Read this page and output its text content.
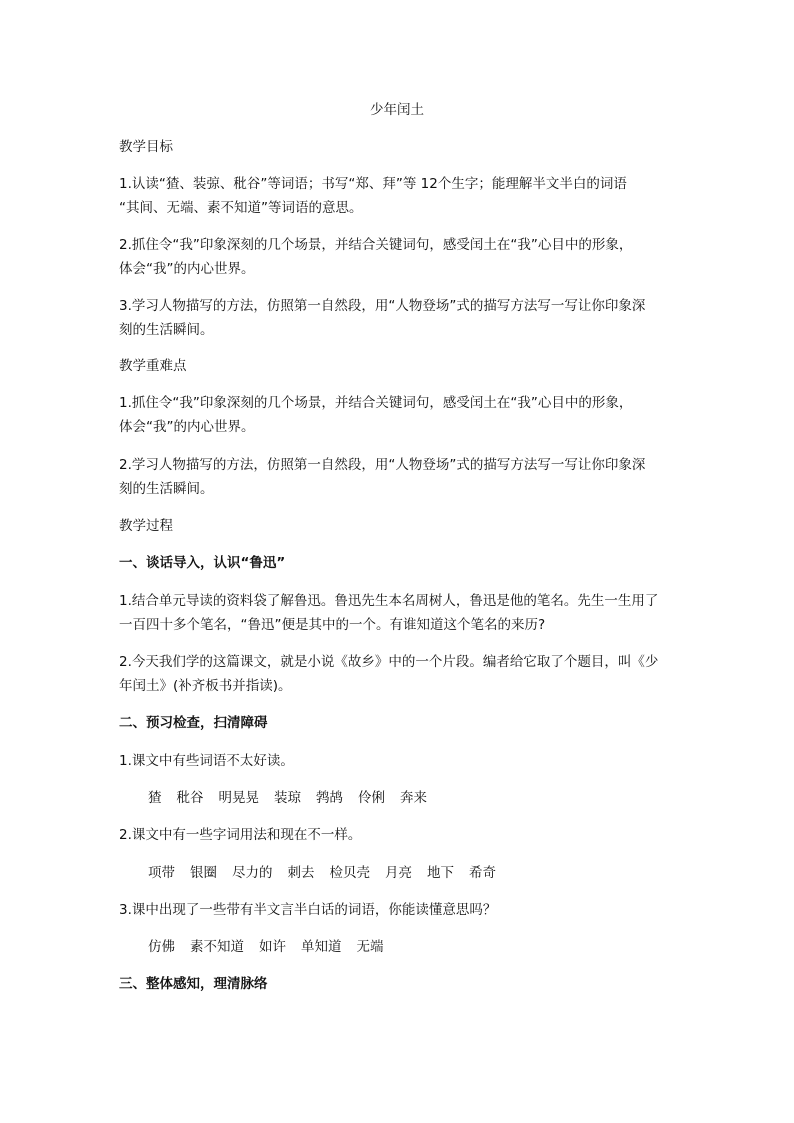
少年闰土
教学目标
1.认读“猹、装弶、秕谷”等词语；书写“郑、拜”等 12个生字；能理解半文半白的词语
“其间、无端、素不知道”等词语的意思。
2.抓住令“我”印象深刻的几个场景，并结合关键词句，感受闰土在“我”心目中的形象，
体会“我”的内心世界。
3.学习人物描写的方法，仿照第一自然段，用“人物登场”式的描写方法写一写让你印象深
刻的生活瞬间。
教学重难点
1.抓住令“我”印象深刻的几个场景，并结合关键词句，感受闰土在“我”心目中的形象，
体会“我”的内心世界。
2.学习人物描写的方法，仿照第一自然段，用“人物登场”式的描写方法写一写让你印象深
刻的生活瞬间。
教学过程
一、谈话导入，认识“鲁迅”
1.结合单元导读的资料袋了解鲁迅。鲁迅先生本名周树人，鲁迅是他的笔名。先生一生用了
一百四十多个笔名，“鲁迅”便是其中的一个。有谁知道这个笔名的来历?
2.今天我们学的这篇课文，就是小说《故乡》中的一个片段。编者给它取了个题目，叫《少
年闰土》(补齐板书并指读)。
二、预习检查，扫清障碍
1.课文中有些词语不太好读。
猹 秕谷 明晃晃 装琼 鹁鸪 伶俐 奔来
2.课文中有一些字词用法和现在不一样。
项带 银圈 尽力的 刺去 检贝壳 月亮 地下 希奇
3.课中出现了一些带有半文言半白话的词语，你能读懂意思吗？
仿佛 素不知道 如许 单知道 无端
三、整体感知，理清脉络
